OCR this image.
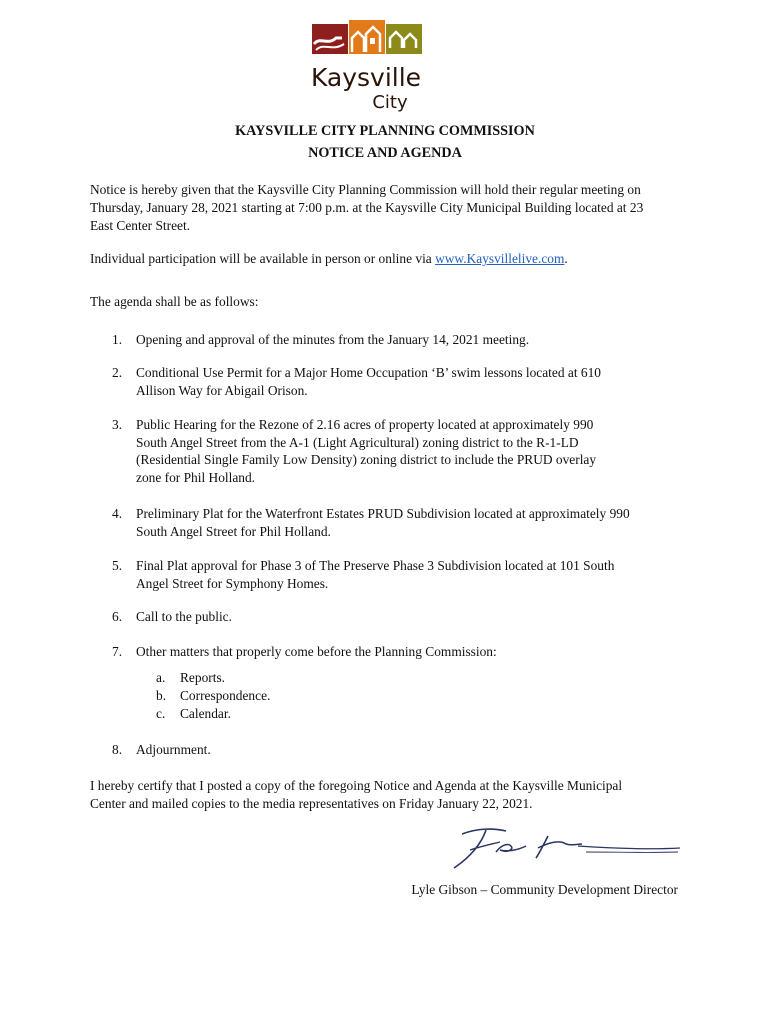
Kaysville
City
KAYSVILLE CITY PLANNING COMMISSION
NOTICE AND AGENDA
Notice is hereby given that the Kaysville City Planning Commission will hold their regular meeting on
Thursday, January 28, 2021 starting at 7:00 p.m. at the Kaysville City Municipal Building located at 23
East Center Street.
Individual participation will be available in person or online via www.Kaysvillelive.com.
The agenda shall be as follows:
1.	Opening and approval of the minutes from the January 14, 2021 meeting.
2.	Conditional Use Permit for a Major Home Occupation ‘B’ swim lessons located at 610
Allison Way for Abigail Orison.
3.	Public Hearing for the Rezone of 2.16 acres of property located at approximately 990
South Angel Street from the A-1 (Light Agricultural) zoning district to the R-1-LD
(Residential Single Family Low Density) zoning district to include the PRUD overlay
zone for Phil Holland.
4.	Preliminary Plat for the Waterfront Estates PRUD Subdivision located at approximately 990
South Angel Street for Phil Holland.
5.	Final Plat approval for Phase 3 of The Preserve Phase 3 Subdivision located at 101 South
Angel Street for Symphony Homes.
6.	Call to the public.
7.	Other matters that properly come before the Planning Commission:
a. Reports.
b. Correspondence.
c. Calendar.
8.	Adjournment.
I hereby certify that I posted a copy of the foregoing Notice and Agenda at the Kaysville Municipal
Center and mailed copies to the media representatives on Friday January 22, 2021.
Lyle Gibson – Community Development Director
